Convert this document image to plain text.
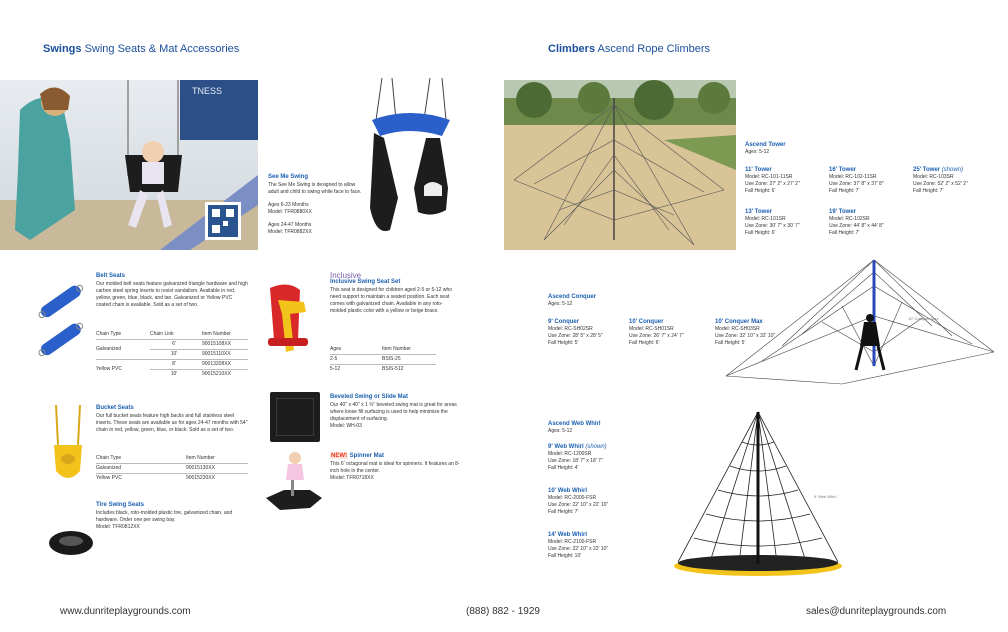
Swings Swing Seats & Mat Accessories	Climbers Ascend Rope Climbers
TNESS
See Me Swing
The See Me Swing is designed to allow adult and child to swing while face to face.
Ages 6-23 Months
Model: TFR0880XX
Ages 24-47 Months
Model: TFR0882XX
Belt Seats
Our molded belt seats feature galvanized triangle hardware and high carbon steel spring inserts to resist vandalism. Available in red, yellow, green, blue, black, and tan. Galvanized or Yellow PVC coated chain is available. Sold as a set of two.
Chain Type	Chain Link	Item Number
Galvanized	6'	90015108XX
	10'	90015110XX
Yellow PVC	8'	90013208XX
	10'	90015210XX
Bucket Seats
Our full bucket seats feature high backs and full stainless steel inserts. These seats are available as for ages 24-47 months with 54" chain in red, yellow, green, blue, or black. Sold as a set of two.
Chain Type	Item Number
Galvanized	90015130XX
Yellow PVC	90015230XX
Tire Swing Seats
Includes black, roto-molded plastic tire, galvanized chain, and hardware. Order one per swing bay.
Model: TFR0812XX
Inclusive
Inclusive Swing Seat Set
This seat is designed for children aged 2-5 or 5-12 who need support to maintain a seated position. Each seat comes with galvanized chain. Available in any roto-molded plastic color with a yellow or beige brace.
Ages	Item Number
2-5	BSIS-25
5-12	BSIS-512
Beveled Swing or Slide Mat
Our 40" x 40" x 1 ⅔" beveled swing mat is great for areas where loose fill surfacing is used to help minimize the displacement of surfacing.
Model: WH-03
NEW! Spinner Mat
This 6' octagonal mat is ideal for spinners. It features an 8-inch hole in the center.
Model: TFR0718XX
Ascend Tower
Ages: 5-12
11' Tower
Model: RC-101-11SR
Use Zone: 27' 2" x 27' 2"
Fall Height: 6'
16' Tower
Model: RC-102-11SR
Use Zone: 37' 8" x 37' 8"
Fall Height: 7'
25' Tower (shown)
Model: RC-103SR
Use Zone: 52' 2" x 52' 2"
Fall Height: 7'
13' Tower
Model: RC-101SR
Use Zone: 30' 7" x 30' 7"
Fall Height: 6'
19' Tower
Model: RC-102SR
Use Zone: 44' 8" x 44' 8"
Fall Height: 7'
Ascend Conquer
Ages: 5-12
9' Conquer
Model: RC-SH02SR
Use Zone: 28' 5" x 28' 5"
Fall Height: 5'
10' Conquer
Model: RC-SH01SR
Use Zone: 26' 7" x 24' 7"
Fall Height: 6'
10' Conquer Max
Model: RC-SH03SR
Use Zone: 32' 10" x 32' 10"
Fall Height: 5'
10' Conquer Max
Ascend Web Whirl
Ages: 5-12
9' Web Whirl (shown)
Model: RC-1200SR
Use Zone: 18' 7" x 18' 7"
Fall Height: 4'
10' Web Whirl
Model: RC-2000-FSR
Use Zone: 22' 10" x 22' 10"
Fall Height: 7'
14' Web Whirl
Model: RC-2100-FSR
Use Zone: 22' 10" x 22' 10"
Fall Height: 10'
9' Web Whirl
www.dunriteplaygrounds.com	(888) 882 - 1929	sales@dunriteplaygrounds.com
